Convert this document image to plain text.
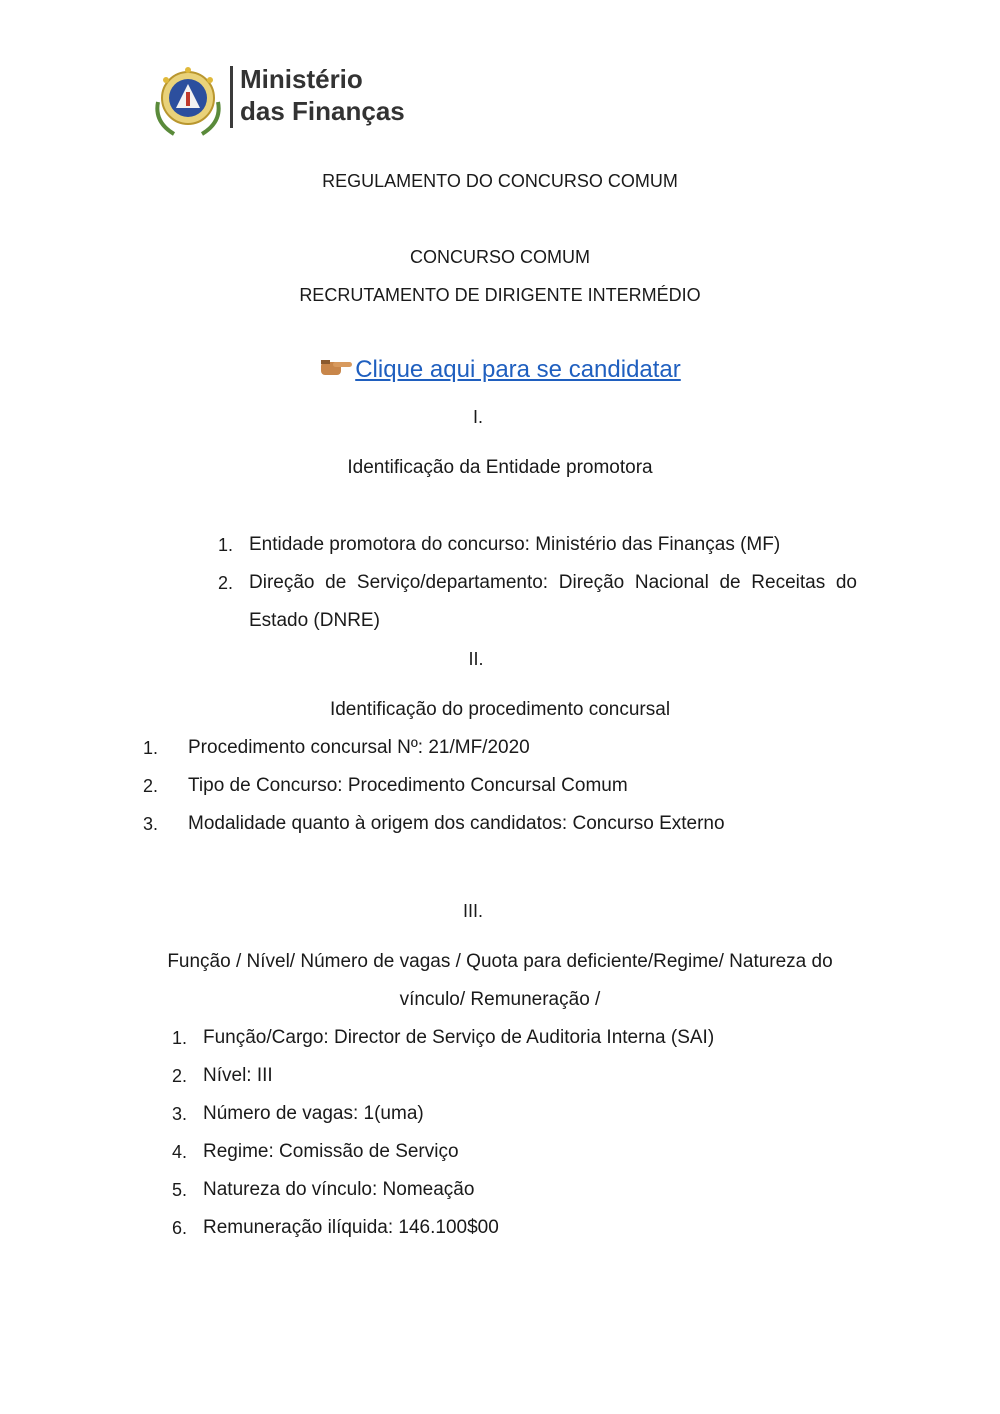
Ministério
das Finanças
REGULAMENTO DO CONCURSO COMUM
CONCURSO COMUM
RECRUTAMENTO DE DIRIGENTE INTERMÉDIO
Clique aqui para se candidatar
I.
Identificação da Entidade promotora
1. Entidade promotora do concurso: Ministério das Finanças (MF)
2. Direção de Serviço/departamento: Direção Nacional de Receitas do
Estado (DNRE)
II.
Identificação do procedimento concursal
1. Procedimento concursal Nº: 21/MF/2020
2. Tipo de Concurso: Procedimento Concursal Comum
3. Modalidade quanto à origem dos candidatos: Concurso Externo
III.
Função / Nível/ Número de vagas / Quota para deficiente/Regime/ Natureza do
vínculo/ Remuneração /
1. Função/Cargo: Director de Serviço de Auditoria Interna (SAI)
2. Nível: III
3. Número de vagas: 1(uma)
4. Regime: Comissão de Serviço
5. Natureza do vínculo: Nomeação
6. Remuneração ilíquida: 146.100$00
